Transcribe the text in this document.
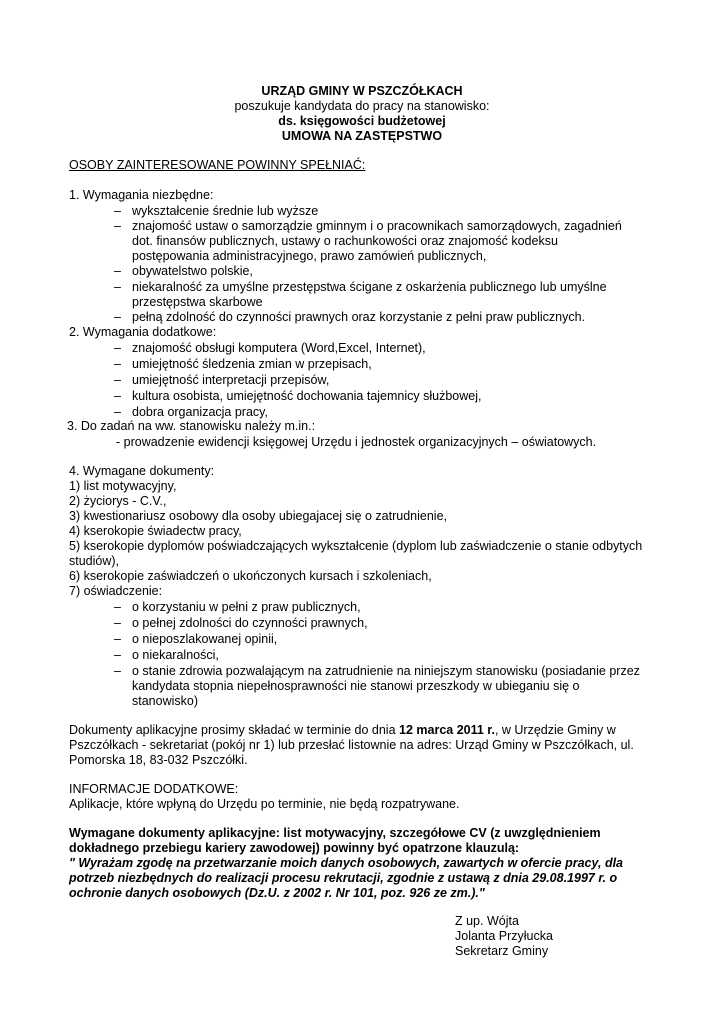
URZĄD GMINY W PSZCZÓŁKACH
poszukuje kandydata do pracy na stanowisko:
ds. księgowości budżetowej
UMOWA NA ZASTĘPSTWO
OSOBY ZAINTERESOWANE POWINNY SPEŁNIAĆ:
1. Wymagania niezbędne:
– wykształcenie średnie lub wyższe
– znajomość ustaw o samorządzie gminnym i o pracownikach samorządowych, zagadnień
dot. finansów publicznych, ustawy o rachunkowości oraz znajomość kodeksu
postępowania administracyjnego, prawo zamówień publicznych,
– obywatelstwo polskie,
– niekaralność za umyślne przestępstwa ścigane z oskarżenia publicznego lub umyślne
przestępstwa skarbowe
– pełną zdolność do czynności prawnych oraz korzystanie z pełni praw publicznych.
2. Wymagania dodatkowe:
– znajomość obsługi komputera (Word,Excel, Internet),
– umiejętność śledzenia zmian w przepisach,
– umiejętność interpretacji przepisów,
– kultura osobista, umiejętność dochowania tajemnicy służbowej,
– dobra organizacja pracy,
3. Do zadań na ww. stanowisku należy m.in.:
- prowadzenie ewidencji księgowej Urzędu i jednostek organizacyjnych – oświatowych.
4. Wymagane dokumenty:
1) list motywacyjny,
2) życiorys - C.V.,
3) kwestionariusz osobowy dla osoby ubiegajacej się o zatrudnienie,
4) kserokopie świadectw pracy,
5) kserokopie dyplomów poświadczających wykształcenie (dyplom lub zaświadczenie o stanie odbytych
studiów),
6) kserokopie zaświadczeń o ukończonych kursach i szkoleniach,
7) oświadczenie:
– o korzystaniu w pełni z praw publicznych,
– o pełnej zdolności do czynności prawnych,
– o nieposzlakowanej opinii,
– o niekaralności,
– o stanie zdrowia pozwalającym na zatrudnienie na niniejszym stanowisku (posiadanie przez
kandydata stopnia niepełnosprawności nie stanowi przeszkody w ubieganiu się o
stanowisko)
Dokumenty aplikacyjne prosimy składać w terminie do dnia 12 marca 2011 r., w Urzędzie Gminy w
Pszczółkach - sekretariat (pokój nr 1) lub przesłać listownie na adres: Urząd Gminy w Pszczółkach, ul.
Pomorska 18, 83-032 Pszczółki.
INFORMACJE DODATKOWE:
Aplikacje, które wpłyną do Urzędu po terminie, nie będą rozpatrywane.
Wymagane dokumenty aplikacyjne: list motywacyjny, szczegółowe CV (z uwzględnieniem
dokładnego przebiegu kariery zawodowej) powinny być opatrzone klauzulą:
" Wyrażam zgodę na przetwarzanie moich danych osobowych, zawartych w ofercie pracy, dla
potrzeb niezbędnych do realizacji procesu rekrutacji, zgodnie z ustawą z dnia 29.08.1997 r. o
ochronie danych osobowych (Dz.U. z 2002 r. Nr 101, poz. 926 ze zm.)."
Z up. Wójta
Jolanta Przyłucka
Sekretarz Gminy
